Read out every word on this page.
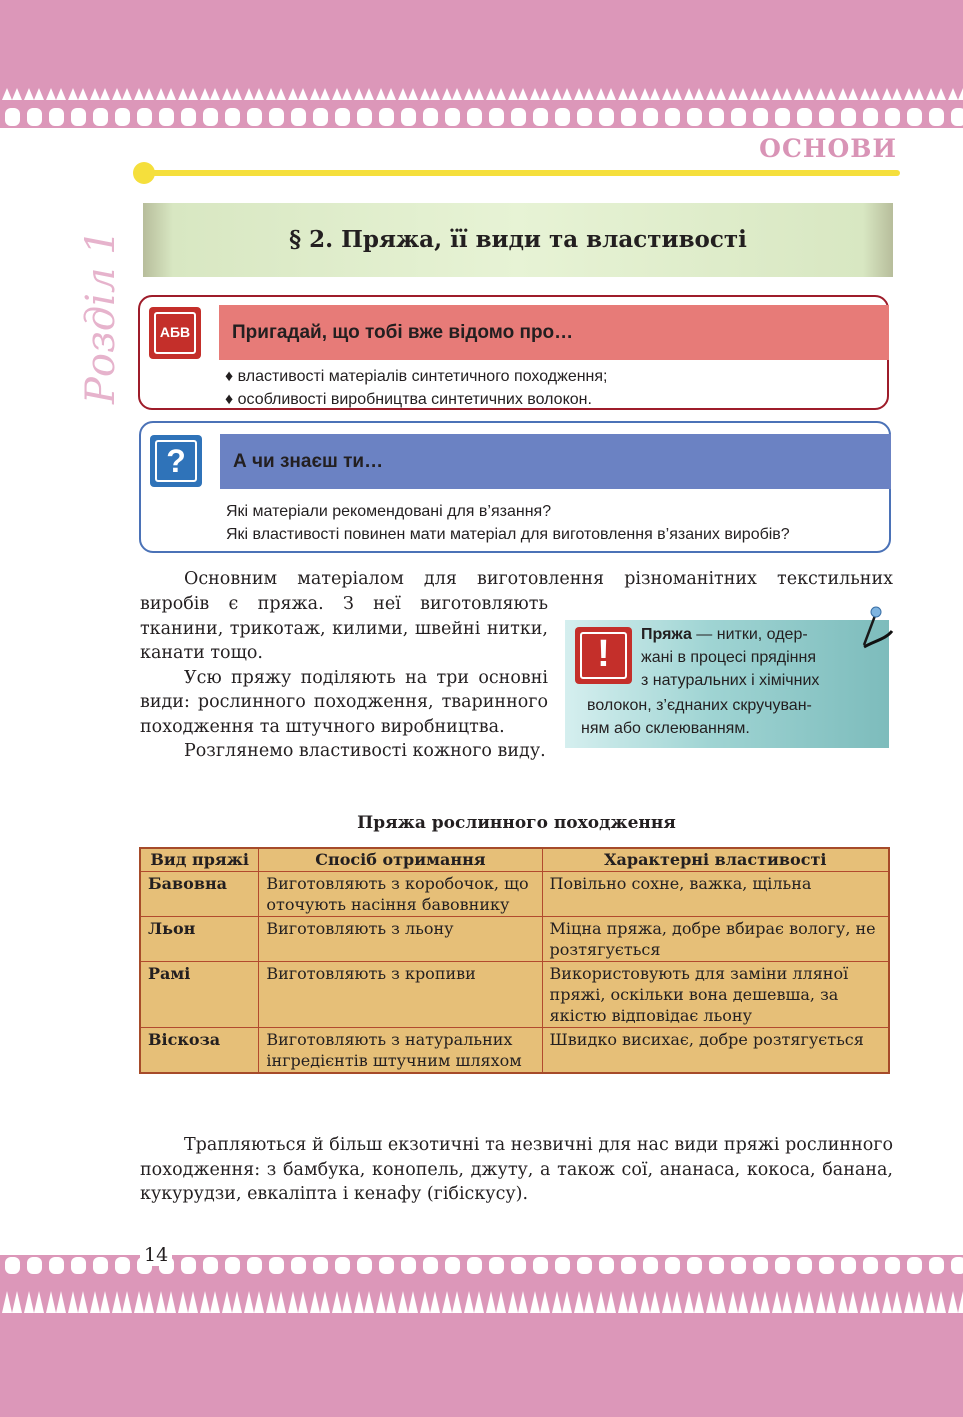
ОСНОВИ
Розділ 1	§ 2. Пряжа, її види та властивості
АБВ	Пригадай, що тобі вже відомо про…
♦ властивості матеріалів синтетичного походження;
♦ особливості виробництва синтетичних волокон.
?	А чи знаєш ти…
Які матеріали рекомендовані для в’язання?
Які властивості повинен мати матеріал для виготовлення в’язаних виробів?
Основним матеріалом для виготовлення різноманітних текстильних
виробів є пряжа. З неї виготовляють тканини, трикотаж, килими, швейні нитки, канати тощо.
Усю пряжу поділяють на три основні види: рослинного походження, тваринного походження та штучного виробництва.
Розглянемо властивості кожного виду.
!	Пряжа — нитки, одер-
жані в процесі прядіння
з натуральних і хімічних
волокон, з’єднаних скручуван-
ням або склеюванням.
Пряжа рослинного походження
Вид пряжі	Спосіб отримання	Характерні властивості
Бавовна	Виготовляють з коробочок, що оточують насіння бавовнику	Повільно сохне, важка, щільна
Льон	Виготовляють з льону	Міцна пряжа, добре вбирає вологу, не розтягується
Рамі	Виготовляють з кропиви	Використовують для заміни лляної пряжі, оскільки вона дешевша, за якістю відповідає льону
Віскоза	Виготовляють з натуральних інгредієнтів штучним шляхом	Швидко висихає, добре розтягується
Трапляються й більш екзотичні та незвичні для нас види пряжі рослинного походження: з бамбука, конопель, джуту, а також сої, ананаса, кокоса, банана, кукурудзи, евкаліпта і кенафу (гібіскусу).
14
